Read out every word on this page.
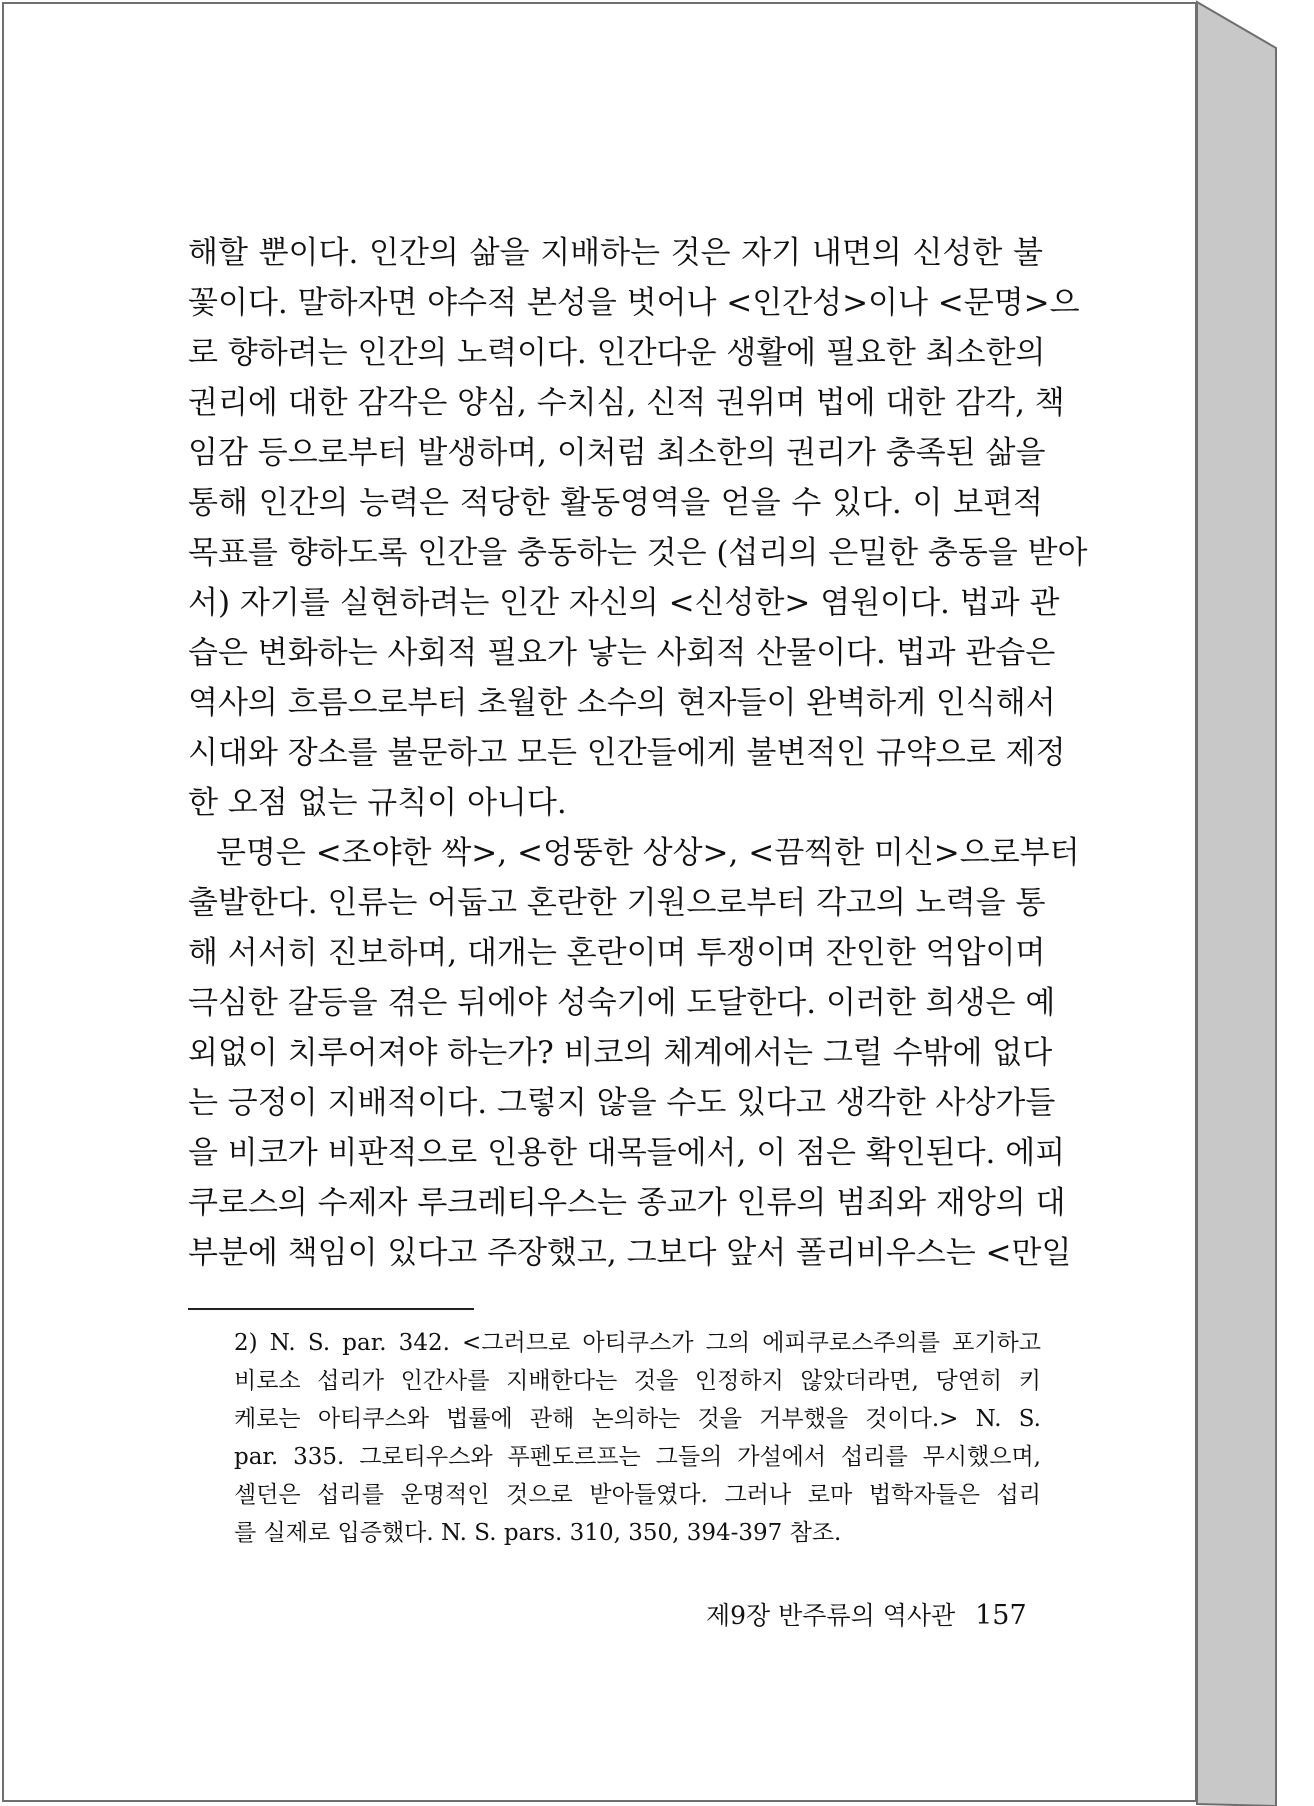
해할 뿐이다. 인간의 삶을 지배하는 것은 자기 내면의 신성한 불
꽃이다. 말하자면 야수적 본성을 벗어나 <인간성>이나 <문명>으
로 향하려는 인간의 노력이다. 인간다운 생활에 필요한 최소한의
권리에 대한 감각은 양심, 수치심, 신적 권위며 법에 대한 감각, 책
임감 등으로부터 발생하며, 이처럼 최소한의 권리가 충족된 삶을
통해 인간의 능력은 적당한 활동영역을 얻을 수 있다. 이 보편적
목표를 향하도록 인간을 충동하는 것은 (섭리의 은밀한 충동을 받아
서) 자기를 실현하려는 인간 자신의 <신성한> 염원이다. 법과 관
습은 변화하는 사회적 필요가 낳는 사회적 산물이다. 법과 관습은
역사의 흐름으로부터 초월한 소수의 현자들이 완벽하게 인식해서
시대와 장소를 불문하고 모든 인간들에게 불변적인 규약으로 제정
한 오점 없는 규칙이 아니다.
문명은 <조야한 싹>, <엉뚱한 상상>, <끔찍한 미신>으로부터
출발한다. 인류는 어둡고 혼란한 기원으로부터 각고의 노력을 통
해 서서히 진보하며, 대개는 혼란이며 투쟁이며 잔인한 억압이며
극심한 갈등을 겪은 뒤에야 성숙기에 도달한다. 이러한 희생은 예
외없이 치루어져야 하는가? 비코의 체계에서는 그럴 수밖에 없다
는 긍정이 지배적이다. 그렇지 않을 수도 있다고 생각한 사상가들
을 비코가 비판적으로 인용한 대목들에서, 이 점은 확인된다. 에피
쿠로스의 수제자 루크레티우스는 종교가 인류의 범죄와 재앙의 대
부분에 책임이 있다고 주장했고, 그보다 앞서 폴리비우스는 <만일
2) N. S. par. 342. <그러므로 아티쿠스가 그의 에피쿠로스주의를 포기하고
비로소 섭리가 인간사를 지배한다는 것을 인정하지 않았더라면, 당연히 키
케로는 아티쿠스와 법률에 관해 논의하는 것을 거부했을 것이다.> N. S.
par. 335. 그로티우스와 푸펜도르프는 그들의 가설에서 섭리를 무시했으며,
셀던은 섭리를 운명적인 것으로 받아들였다. 그러나 로마 법학자들은 섭리
를 실제로 입증했다. N. S. pars. 310, 350, 394-397 참조.
제9장 반주류의 역사관 157
